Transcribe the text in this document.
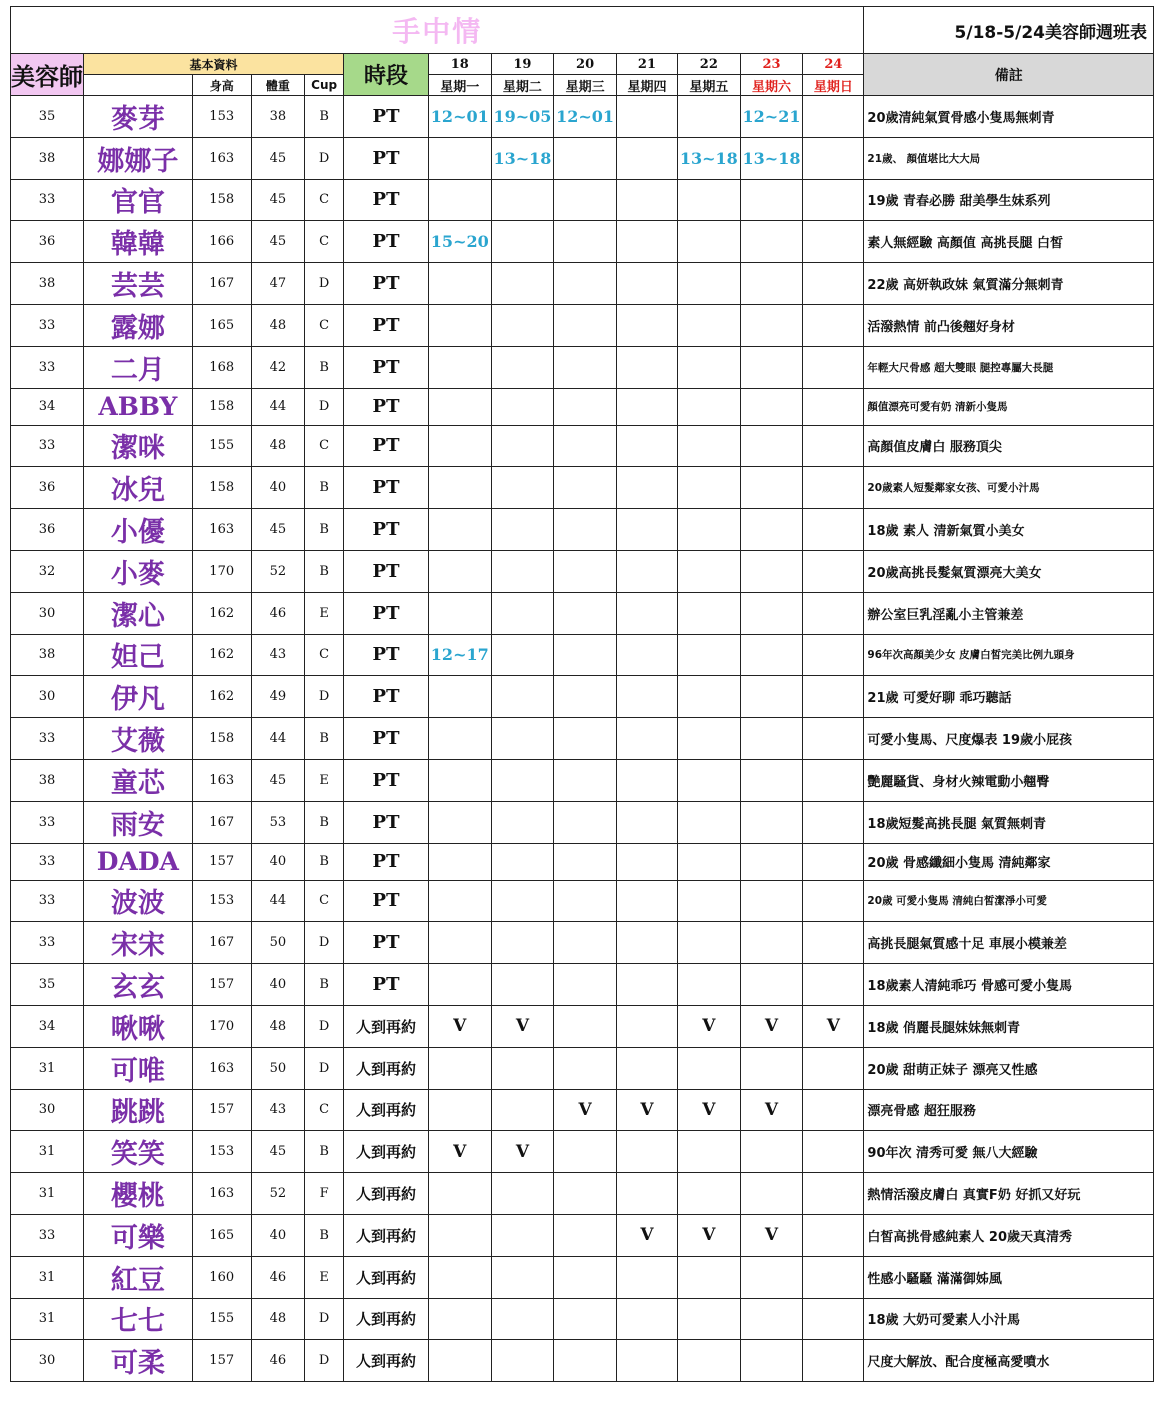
手中情													5/18-5/24美容師週班表
美容師	基本資料				時段	18	19	20	21	22	23	24	備註
		身高	體重	Cup		星期一	星期二	星期三	星期四	星期五	星期六	星期日	
35	麥芽	153	38	B	PT	12~01	19~05	12~01			12~21		20歲清純氣質骨感小隻馬無刺青
38	娜娜子	163	45	D	PT		13~18			13~18	13~18		21歲、 顏值堪比大大局
33	官官	158	45	C	PT								19歲 青春必勝 甜美學生妹系列
36	韓韓	166	45	C	PT	15~20							素人無經驗 高顏值 高挑長腿 白皙
38	芸芸	167	47	D	PT								22歲 高妍執政妹 氣質滿分無刺青
33	露娜	165	48	C	PT								活潑熱情 前凸後翹好身材
33	二月	168	42	B	PT								年輕大尺骨感 超大雙眼 腿控專屬大長腿
34	ABBY	158	44	D	PT								顏值漂亮可愛有奶 清新小隻馬
33	潔咪	155	48	C	PT								高顏值皮膚白 服務頂尖
36	冰兒	158	40	B	PT								20歲素人短髮鄰家女孩、可愛小汁馬
36	小優	163	45	B	PT								18歲 素人 清新氣質小美女
32	小麥	170	52	B	PT								20歲高挑長髮氣質漂亮大美女
30	潔心	162	46	E	PT								辦公室巨乳淫亂小主管兼差
38	妲己	162	43	C	PT	12~17							96年次高顏美少女 皮膚白皙完美比例九頭身
30	伊凡	162	49	D	PT								21歲 可愛好聊 乖巧聽話
33	艾薇	158	44	B	PT								可愛小隻馬、尺度爆表 19歲小屁孩
38	童芯	163	45	E	PT								艷麗騷貨、身材火辣電動小翹臀
33	雨安	167	53	B	PT								18歲短髮高挑長腿 氣質無刺青
33	DADA	157	40	B	PT								20歲 骨感纖細小隻馬 清純鄰家
33	波波	153	44	C	PT								20歲 可愛小隻馬 清純白皙潔淨小可愛
33	宋宋	167	50	D	PT								高挑長腿氣質感十足 車展小模兼差
35	玄玄	157	40	B	PT								18歲素人清純乖巧 骨感可愛小隻馬
34	啾啾	170	48	D	人到再約	V	V			V	V	V	18歲 俏麗長腿妹妹無刺青
31	可唯	163	50	D	人到再約								20歲 甜萌正妹子 漂亮又性感
30	跳跳	157	43	C	人到再約			V	V	V	V		漂亮骨感 超狂服務
31	笑笑	153	45	B	人到再約	V	V						90年次 清秀可愛 無八大經驗
31	櫻桃	163	52	F	人到再約								熱情活潑皮膚白 真實F奶 好抓又好玩
33	可樂	165	40	B	人到再約				V	V	V		白皙高挑骨感純素人 20歲天真清秀
31	紅豆	160	46	E	人到再約								性感小騷騷 滿滿御姊風
31	七七	155	48	D	人到再約								18歲 大奶可愛素人小汁馬
30	可柔	157	46	D	人到再約								尺度大解放、配合度極高愛噴水
